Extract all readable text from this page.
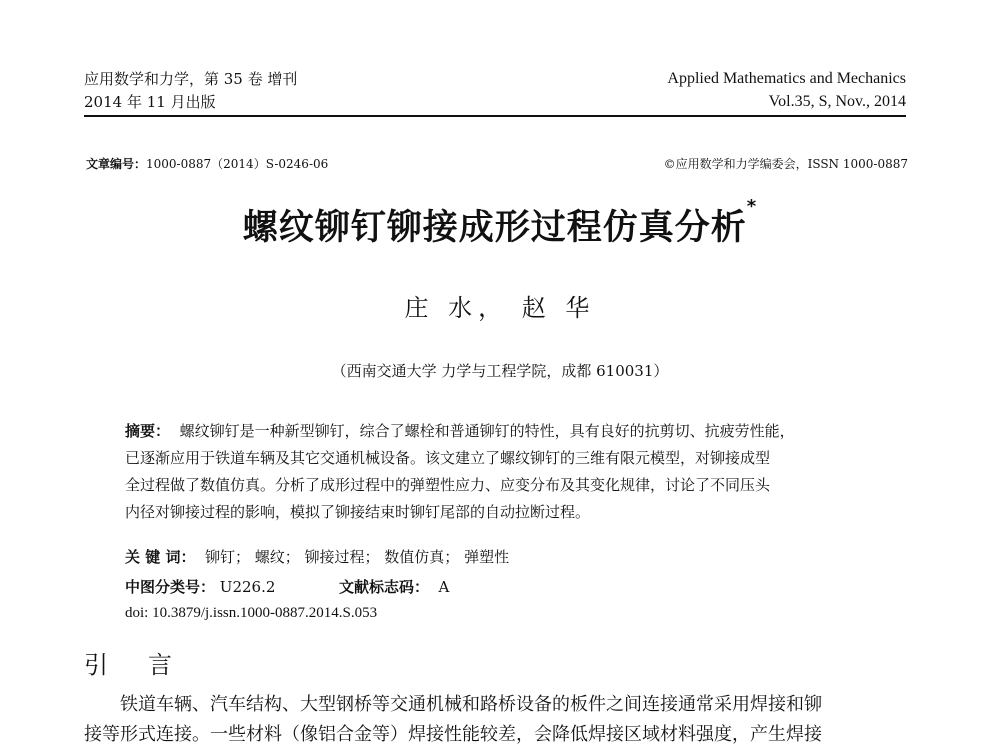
应用数学和力学，第 35 卷 增刊
2014 年 11 月出版
Applied Mathematics and Mechanics
Vol.35, S, Nov., 2014
文章编号：1000-0887（2014）S-0246-06	©应用数学和力学编委会，ISSN 1000-0887
螺纹铆钉铆接成形过程仿真分析*
庄 水， 赵 华
（西南交通大学 力学与工程学院，成都 610031）
摘要： 螺纹铆钉是一种新型铆钉，综合了螺栓和普通铆钉的特性，具有良好的抗剪切、抗疲劳性能，
已逐渐应用于铁道车辆及其它交通机械设备。该文建立了螺纹铆钉的三维有限元模型，对铆接成型
全过程做了数值仿真。分析了成形过程中的弹塑性应力、应变分布及其变化规律，讨论了不同压头
内径对铆接过程的影响，模拟了铆接结束时铆钉尾部的自动拉断过程。
关 键 词： 铆钉； 螺纹； 铆接过程； 数值仿真； 弹塑性
中图分类号： U226.2	文献标志码： A
doi: 10.3879/j.issn.1000-0887.2014.S.053
引言
铁道车辆、汽车结构、大型钢桥等交通机械和路桥设备的板件之间连接通常采用焊接和铆
接等形式连接。一些材料（像铝合金等）焊接性能较差，会降低焊接区域材料强度，产生焊接
